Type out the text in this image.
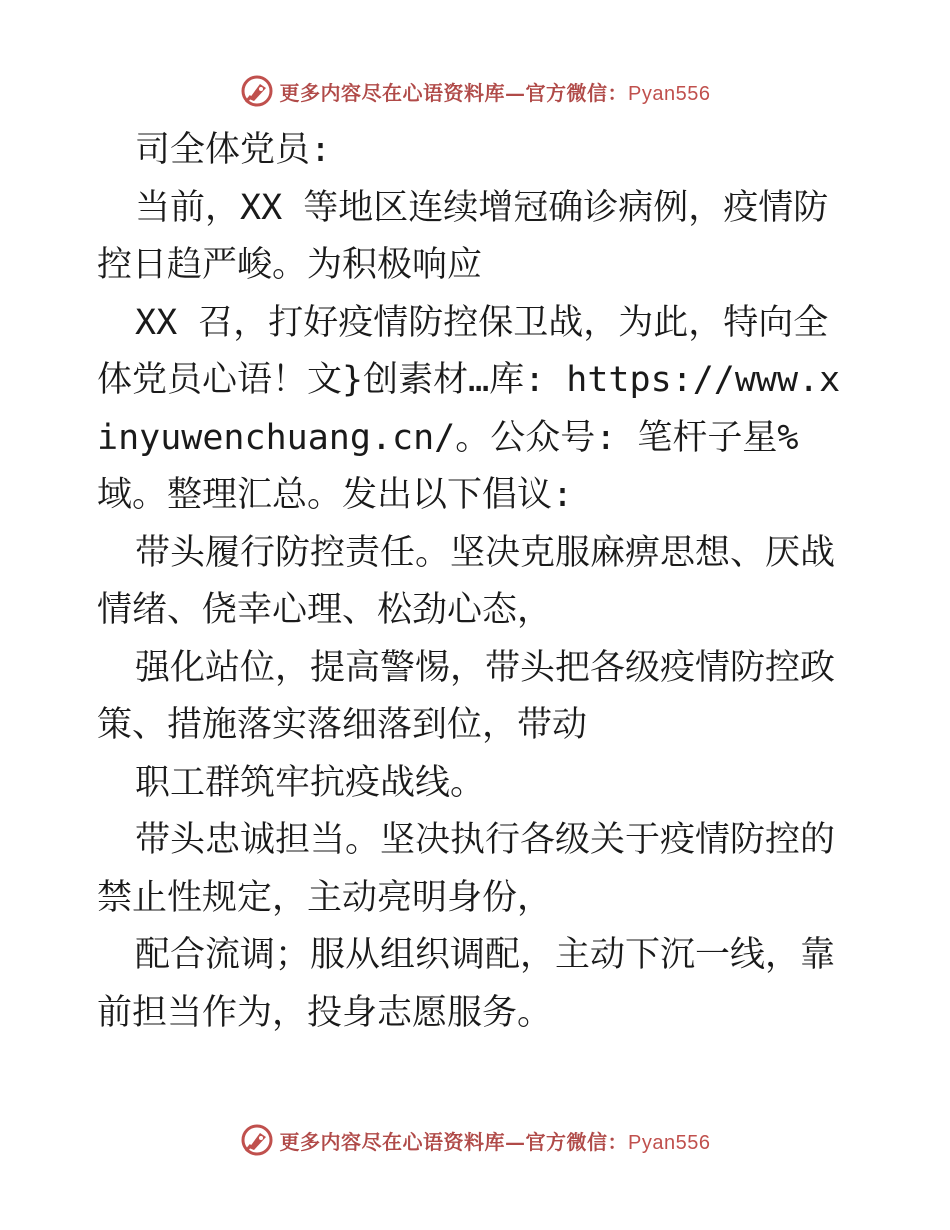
更多内容尽在心语资料库—官方微信：Pyan556

司全体党员:

当前，XX 等地区连续增冠确诊病例，疫情防控日趋严峻。为积极响应

XX 召，打好疫情防控保卫战，为此，特向全体党员心语！文}创素材…库: https://www.xinyuwenchuang.cn/。公众号: 笔杆子星%域。整理汇总。发出以下倡议:

带头履行防控责任。坚决克服麻痹思想、厌战情绪、侥幸心理、松劲心态，

强化站位，提高警惕，带头把各级疫情防控政策、措施落实落细落到位，带动

职工群筑牢抗疫战线。

带头忠诚担当。坚决执行各级关于疫情防控的禁止性规定，主动亮明身份，

配合流调；服从组织调配，主动下沉一线，靠前担当作为，投身志愿服务。

更多内容尽在心语资料库—官方微信：Pyan556
